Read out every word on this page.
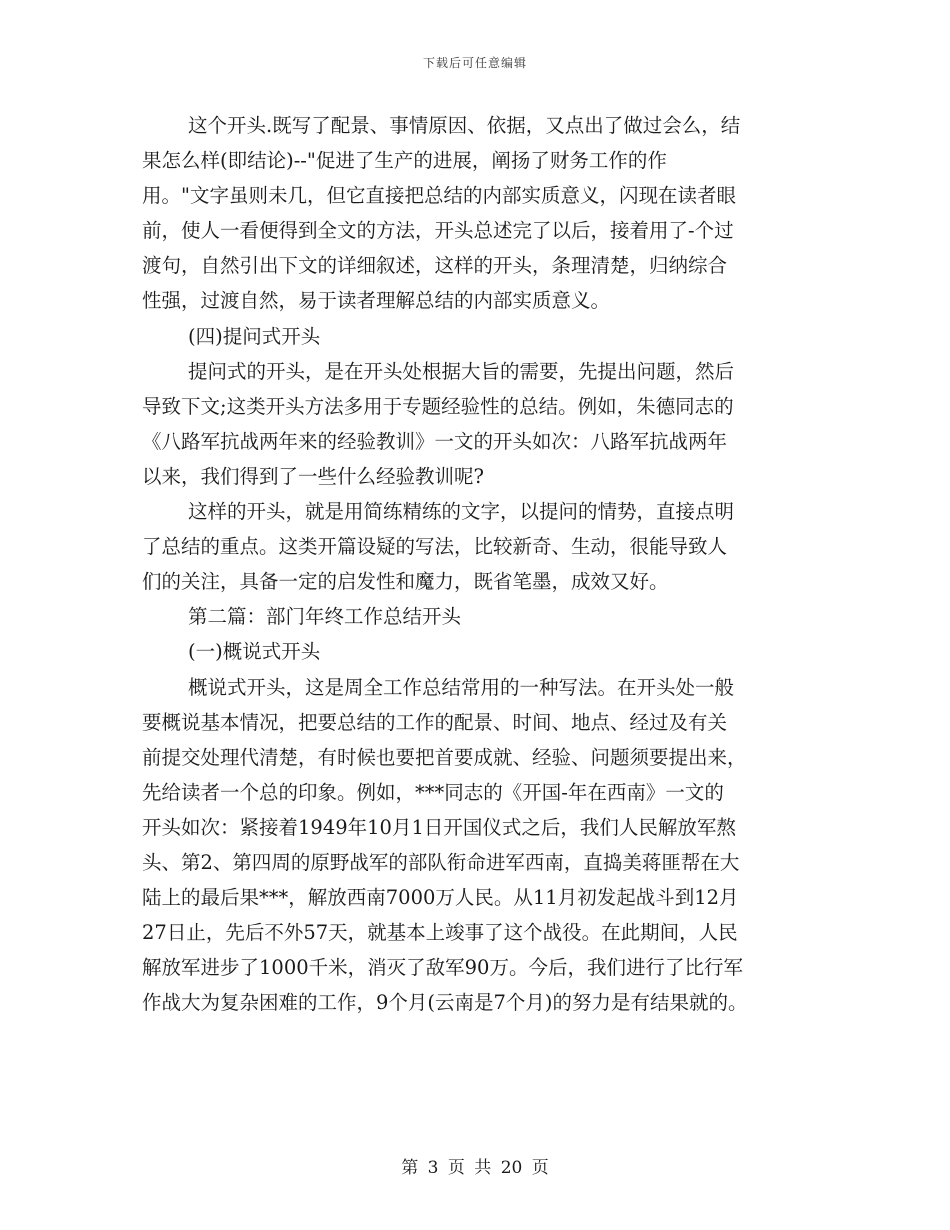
下载后可任意编辑
这个开头.既写了配景、事情原因、依据，又点出了做过会么，结
果怎么样(即结论)--"促进了生产的进展，阐扬了财务工作的作
用。"文字虽则未几，但它直接把总结的内部实质意义，闪现在读者眼
前，使人一看便得到全文的方法，开头总述完了以后，接着用了-个过
渡句，自然引出下文的详细叙述，这样的开头，条理清楚，归纳综合
性强，过渡自然，易于读者理解总结的内部实质意义。
(四)提问式开头
提问式的开头，是在开头处根据大旨的需要，先提出问题，然后
导致下文;这类开头方法多用于专题经验性的总结。例如，朱德同志的
《八路军抗战两年来的经验教训》一文的开头如次：八路军抗战两年
以来，我们得到了一些什么经验教训呢?
这样的开头，就是用简练精练的文字，以提问的情势，直接点明
了总结的重点。这类开篇设疑的写法，比较新奇、生动，很能导致人
们的关注，具备一定的启发性和魔力，既省笔墨，成效又好。
第二篇：部门年终工作总结开头
(一)概说式开头
概说式开头，这是周全工作总结常用的一种写法。在开头处一般
要概说基本情况，把要总结的工作的配景、时间、地点、经过及有关
前提交处理代清楚，有时候也要把首要成就、经验、问题须要提出来，
先给读者一个总的印象。例如，***同志的《开国-年在西南》一文的
开头如次：紧接着1949年10月1日开国仪式之后，我们人民解放军熬
头、第2、第四周的原野战军的部队衔命进军西南，直捣美蒋匪帮在大
陆上的最后果***，解放西南7000万人民。从11月初发起战斗到12月
27日止，先后不外57天，就基本上竣事了这个战役。在此期间，人民
解放军进步了1000千米，消灭了敌军90万。今后，我们进行了比行军
作战大为复杂困难的工作，9个月(云南是7个月)的努力是有结果就的。
第 3 页 共 20 页
